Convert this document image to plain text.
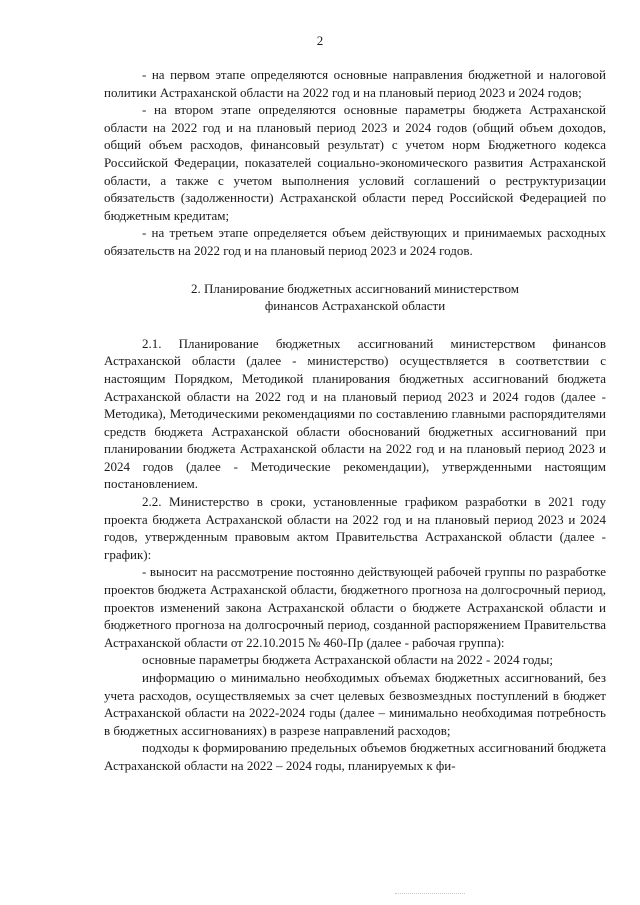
2

- на первом этапе определяются основные направления бюджетной и налоговой политики Астраханской области на 2022 год и на плановый период 2023 и 2024 годов;

- на втором этапе определяются основные параметры бюджета Астраханской области на 2022 год и на плановый период 2023 и 2024 годов (общий объем доходов, общий объем расходов, финансовый результат) с учетом норм Бюджетного кодекса Российской Федерации, показателей социально-экономического развития Астраханской области, а также с учетом выполнения условий соглашений о реструктуризации обязательств (задолженности) Астраханской области перед Российской Федерацией по бюджетным кредитам;

- на третьем этапе определяется объем действующих и принимаемых расходных обязательств на 2022 год и на плановый период 2023 и 2024 годов.

2. Планирование бюджетных ассигнований министерством
финансов Астраханской области

2.1. Планирование бюджетных ассигнований министерством финансов Астраханской области (далее - министерство) осуществляется в соответствии с настоящим Порядком, Методикой планирования бюджетных ассигнований бюджета Астраханской области на 2022 год и на плановый период 2023 и 2024 годов (далее - Методика), Методическими рекомендациями по составлению главными распорядителями средств бюджета Астраханской области обоснований бюджетных ассигнований при планировании бюджета Астраханской области на 2022 год и на плановый период 2023 и 2024 годов (далее - Методические рекомендации), утвержденными настоящим постановлением.

2.2. Министерство в сроки, установленные графиком разработки в 2021 году проекта бюджета Астраханской области на 2022 год и на плановый период 2023 и 2024 годов, утвержденным правовым актом Правительства Астраханской области (далее - график):

- выносит на рассмотрение постоянно действующей рабочей группы по разработке проектов бюджета Астраханской области, бюджетного прогноза на долгосрочный период, проектов изменений закона Астраханской области о бюджете Астраханской области и бюджетного прогноза на долгосрочный период, созданной распоряжением Правительства Астраханской области от 22.10.2015 № 460-Пр (далее - рабочая группа):

основные параметры бюджета Астраханской области на 2022 - 2024 годы;

информацию о минимально необходимых объемах бюджетных ассигнований, без учета расходов, осуществляемых за счет целевых безвозмездных поступлений в бюджет Астраханской области на 2022-2024 годы (далее – минимально необходимая потребность в бюджетных ассигнованиях) в разрезе направлений расходов;

подходы к формированию предельных объемов бюджетных ассигнований бюджета Астраханской области на 2022 – 2024 годы, планируемых к фи-
